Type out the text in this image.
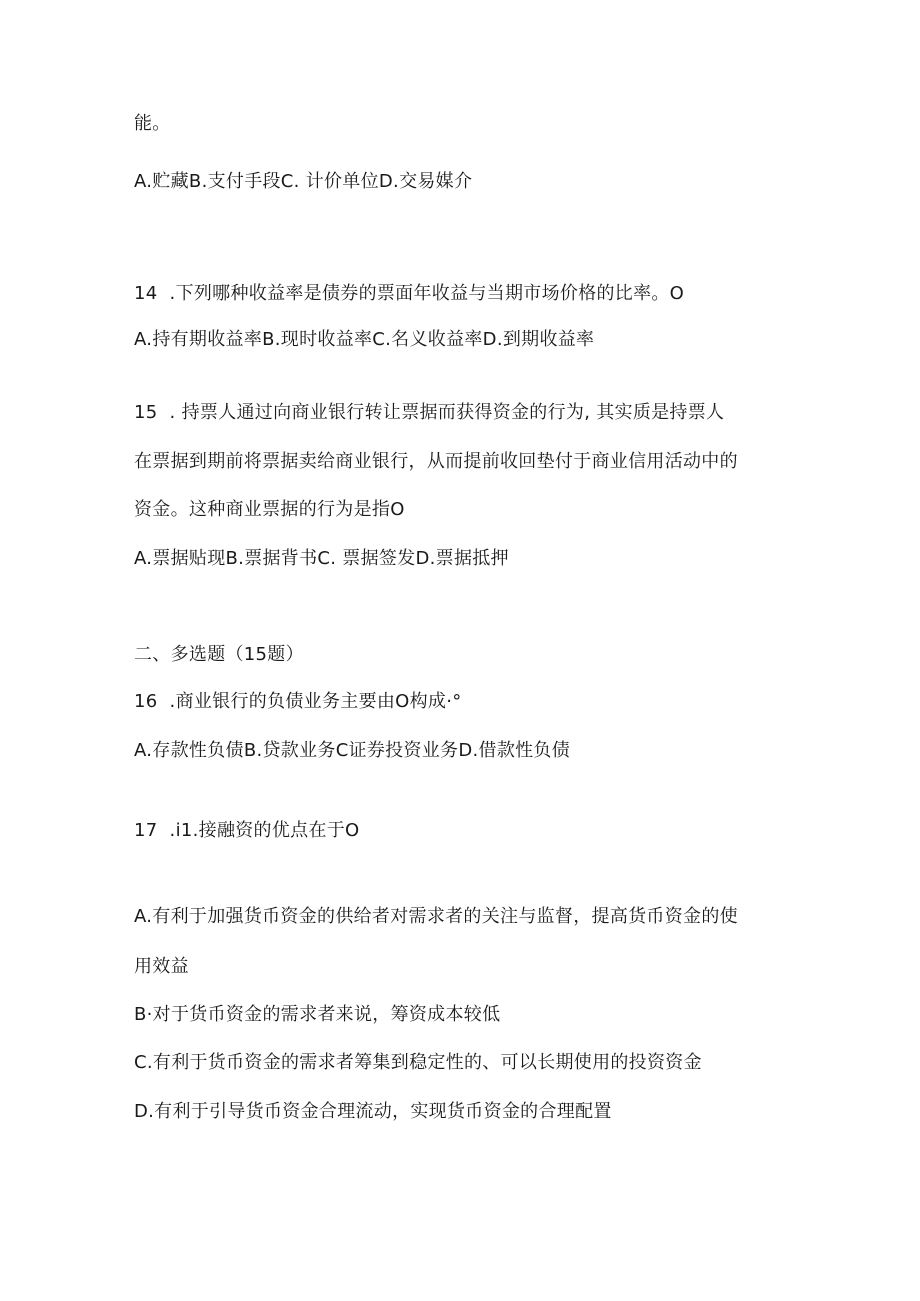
能。
A.贮藏B.支付手段C. 计价单位D.交易媒介
14  .下列哪种收益率是债券的票面年收益与当期市场价格的比率。O
A.持有期收益率B.现时收益率C.名义收益率D.到期收益率
15  . 持票人通过向商业银行转让票据而获得资金的行为, 其实质是持票人
在票据到期前将票据卖给商业银行，从而提前收回垫付于商业信用活动中的
资金。这种商业票据的行为是指O
A.票据贴现B.票据背书C. 票据签发D.票据抵押
二、多选题（15题）
16  .商业银行的负债业务主要由O构成·°
A.存款性负债B.贷款业务C证券投资业务D.借款性负债
17  .i1.接融资的优点在于O
A.有利于加强货币资金的供给者对需求者的关注与监督，提高货币资金的使
用效益
B·对于货币资金的需求者来说，筹资成本较低
C.有利于货币资金的需求者筹集到稳定性的、可以长期使用的投资资金
D.有利于引导货币资金合理流动，实现货币资金的合理配置
